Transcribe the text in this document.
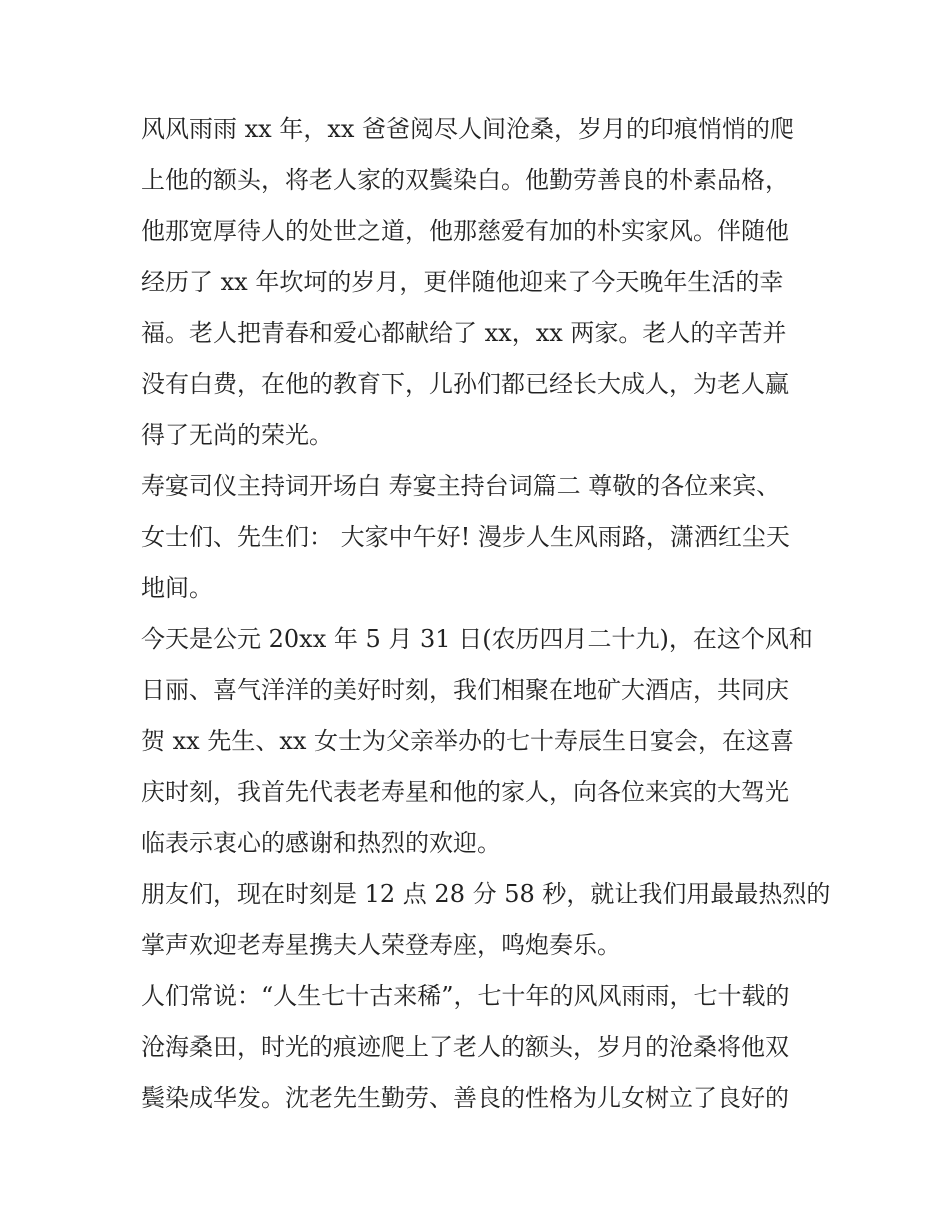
风风雨雨 xx 年，xx 爸爸阅尽人间沧桑，岁月的印痕悄悄的爬
上他的额头，将老人家的双鬓染白。他勤劳善良的朴素品格，
他那宽厚待人的处世之道，他那慈爱有加的朴实家风。伴随他
经历了 xx 年坎坷的岁月，更伴随他迎来了今天晚年生活的幸
福。老人把青春和爱心都献给了 xx，xx 两家。老人的辛苦并
没有白费，在他的教育下，儿孙们都已经长大成人，为老人赢
得了无尚的荣光。

寿宴司仪主持词开场白 寿宴主持台词篇二 尊敬的各位来宾、
女士们、先生们： 大家中午好! 漫步人生风雨路，潇洒红尘天
地间。

今天是公元 20xx 年 5 月 31 日(农历四月二十九)，在这个风和
日丽、喜气洋洋的美好时刻，我们相聚在地矿大酒店，共同庆
贺 xx 先生、xx 女士为父亲举办的七十寿辰生日宴会，在这喜
庆时刻，我首先代表老寿星和他的家人，向各位来宾的大驾光
临表示衷心的感谢和热烈的欢迎。

朋友们，现在时刻是 12 点 28 分 58 秒，就让我们用最最热烈的
掌声欢迎老寿星携夫人荣登寿座，鸣炮奏乐。

人们常说：“人生七十古来稀”，七十年的风风雨雨，七十载的
沧海桑田，时光的痕迹爬上了老人的额头，岁月的沧桑将他双
鬓染成华发。沈老先生勤劳、善良的性格为儿女树立了良好的
